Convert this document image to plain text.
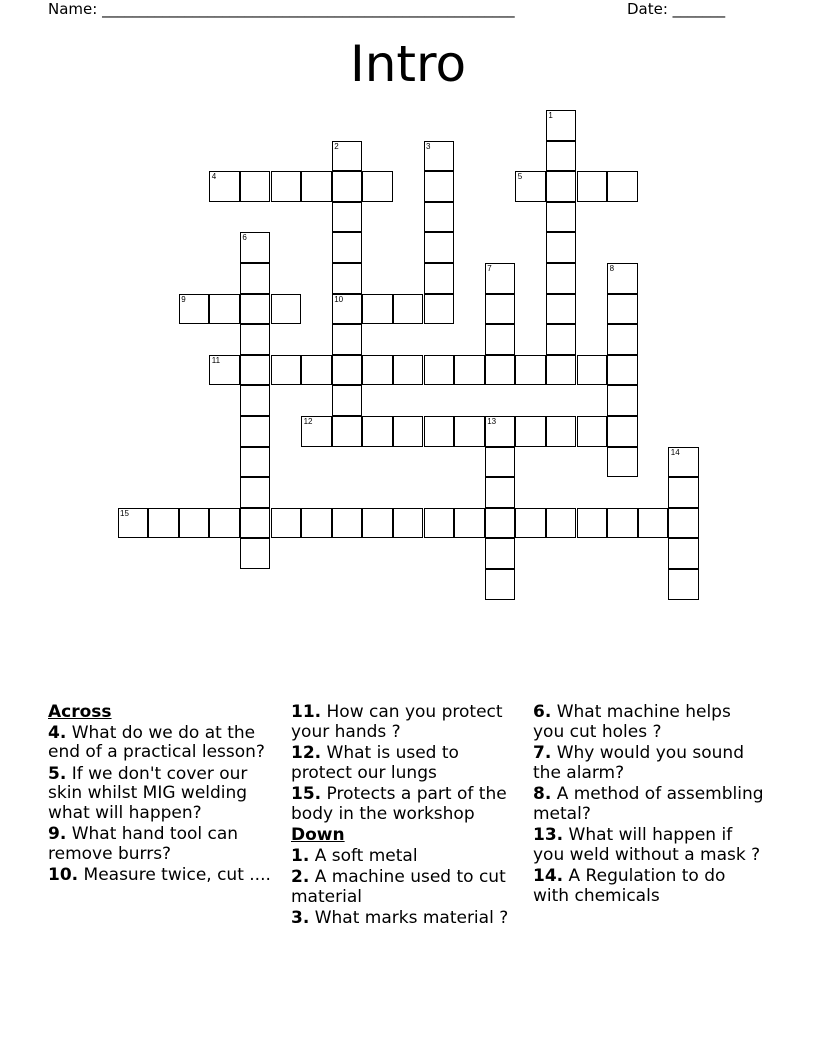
Name: _______________________________________________________	Date: _______
Intro
1
2
10
3
4	5
6
7	8
9
11
12	13
14
15
Across
4. What do we do at the end of a practical lesson?
5. If we don't cover our skin whilst MIG welding what will happen?
9. What hand tool can remove burrs?
10. Measure twice, cut ....
11. How can you protect your hands ?
12. What is used to protect our lungs
15. Protects a part of the body in the workshop
Down
1. A soft metal
2. A machine used to cut material
3. What marks material ?
6. What machine helps you cut holes ?
7. Why would you sound the alarm?
8. A method of assembling metal?
13. What will happen if you weld without a mask ?
14. A Regulation to do with chemicals
